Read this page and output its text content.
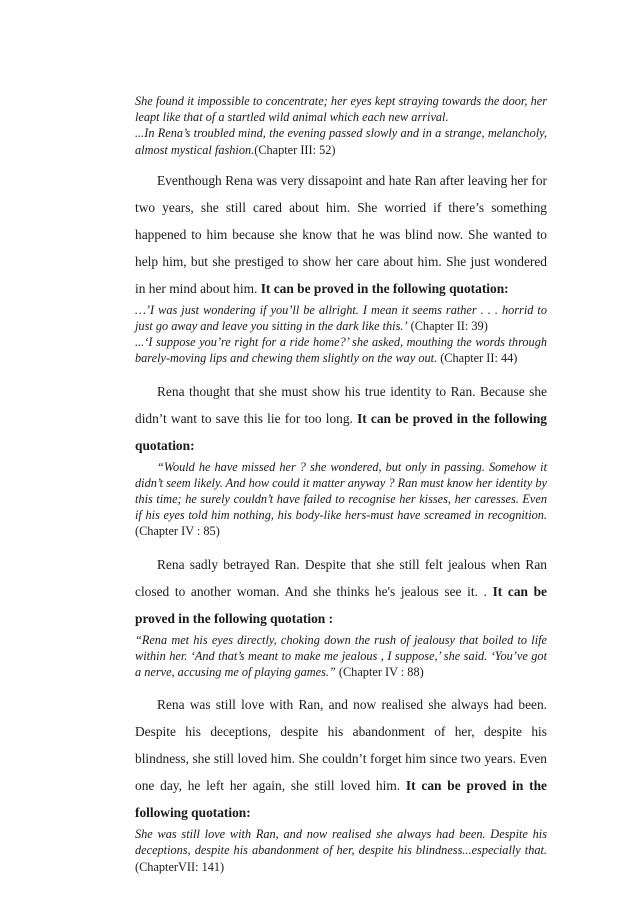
She found it impossible to concentrate; her eyes kept straying towards the door, her leapt like that of a startled wild animal which each new arrival.
...In Rena’s troubled mind, the evening passed slowly and in a strange, melancholy, almost mystical fashion.(Chapter III: 52)

Eventhough Rena was very dissapoint and hate Ran after leaving her for two years, she still cared about him. She worried if there’s something happened to him because she know that he was blind now. She wanted to help him, but she prestiged to show her care about him. She just wondered in her mind about him. It can be proved in the following quotation:

…’I was just wondering if you’ll be allright. I mean it seems rather . . . horrid to just go away and leave you sitting in the dark like this.’ (Chapter II: 39)
...‘I suppose you’re right for a ride home?’ she asked, mouthing the words through barely-moving lips and chewing them slightly on the way out. (Chapter II: 44)

Rena thought that she must show his true identity to Ran. Because she didn’t want to save this lie for too long. It can be proved in the following quotation:

“Would he have missed her ? she wondered, but only in passing. Somehow it didn’t seem likely. And how could it matter anyway ? Ran must know her identity by this time; he surely couldn’t have failed to recognise her kisses, her caresses. Even if his eyes told him nothing, his body-like hers-must have screamed in recognition. (Chapter IV : 85)

Rena sadly betrayed Ran. Despite that she still felt jealous when Ran closed to another woman. And she thinks he's jealous see it. . It can be proved in the following quotation :

“Rena met his eyes directly, choking down the rush of jealousy that boiled to life within her. ‘And that’s meant to make me jealous , I suppose,’ she said. ‘You’ve got a nerve, accusing me of playing games.” (Chapter IV : 88)

Rena was still love with Ran, and now realised she always had been. Despite his deceptions, despite his abandonment of her, despite his blindness, she still loved him. She couldn’t forget him since two years. Even one day, he left her again, she still loved him. It can be proved in the following quotation:

She was still love with Ran, and now realised she always had been. Despite his deceptions, despite his abandonment of her, despite his blindness...especially that. (ChapterVII: 141)
